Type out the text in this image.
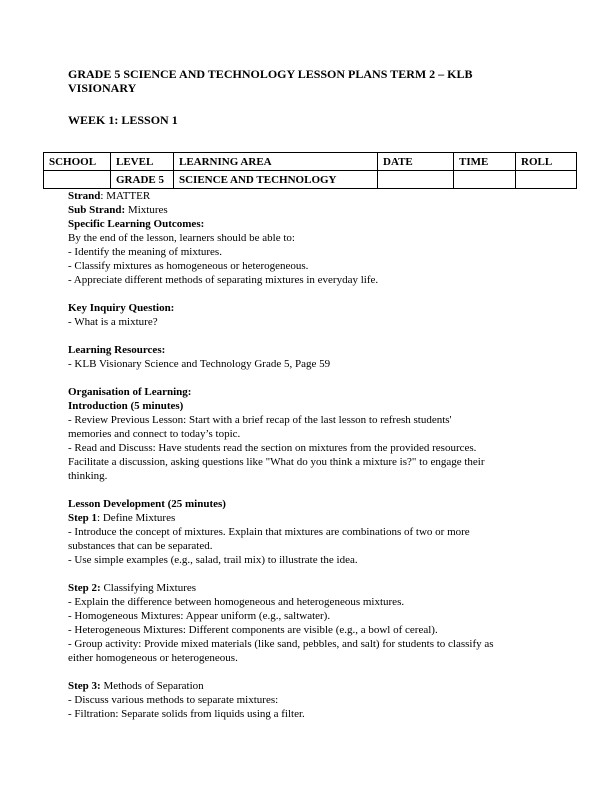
GRADE 5 SCIENCE AND TECHNOLOGY LESSON PLANS TERM 2 – KLB
VISIONARY
WEEK 1: LESSON 1
SCHOOL	LEVEL	LEARNING AREA	DATE	TIME	ROLL
	GRADE 5	SCIENCE AND TECHNOLOGY			
Strand: MATTER
Sub Strand: Mixtures
Specific Learning Outcomes:
By the end of the lesson, learners should be able to:
- Identify the meaning of mixtures.
- Classify mixtures as homogeneous or heterogeneous.
- Appreciate different methods of separating mixtures in everyday life.
Key Inquiry Question:
- What is a mixture?
Learning Resources:
- KLB Visionary Science and Technology Grade 5, Page 59
Organisation of Learning:
Introduction (5 minutes)
- Review Previous Lesson: Start with a brief recap of the last lesson to refresh students'
memories and connect to today’s topic.
- Read and Discuss: Have students read the section on mixtures from the provided resources.
Facilitate a discussion, asking questions like "What do you think a mixture is?" to engage their
thinking.
Lesson Development (25 minutes)
Step 1: Define Mixtures
- Introduce the concept of mixtures. Explain that mixtures are combinations of two or more
substances that can be separated.
- Use simple examples (e.g., salad, trail mix) to illustrate the idea.
Step 2: Classifying Mixtures
- Explain the difference between homogeneous and heterogeneous mixtures.
- Homogeneous Mixtures: Appear uniform (e.g., saltwater).
- Heterogeneous Mixtures: Different components are visible (e.g., a bowl of cereal).
- Group activity: Provide mixed materials (like sand, pebbles, and salt) for students to classify as
either homogeneous or heterogeneous.
Step 3: Methods of Separation
- Discuss various methods to separate mixtures:
- Filtration: Separate solids from liquids using a filter.
